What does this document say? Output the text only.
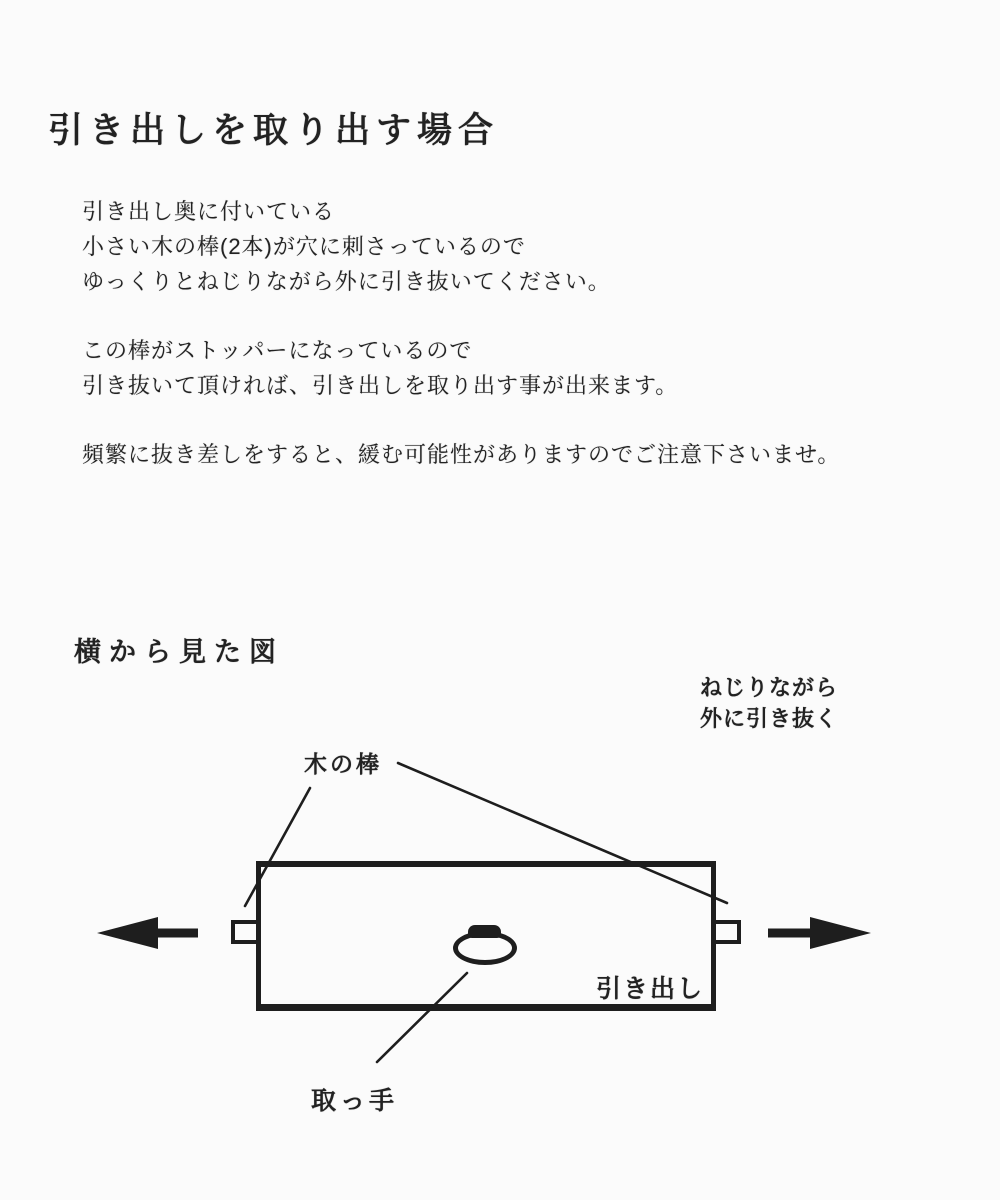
引き出しを取り出す場合
引き出し奥に付いている
小さい木の棒(2本)が穴に刺さっているので
ゆっくりとねじりながら外に引き抜いてください。
この棒がストッパーになっているので
引き抜いて頂ければ、引き出しを取り出す事が出来ます。
頻繁に抜き差しをすると、緩む可能性がありますのでご注意下さいませ。
横から見た図
ねじりながら
外に引き抜く
木の棒
引き出し
取っ手
